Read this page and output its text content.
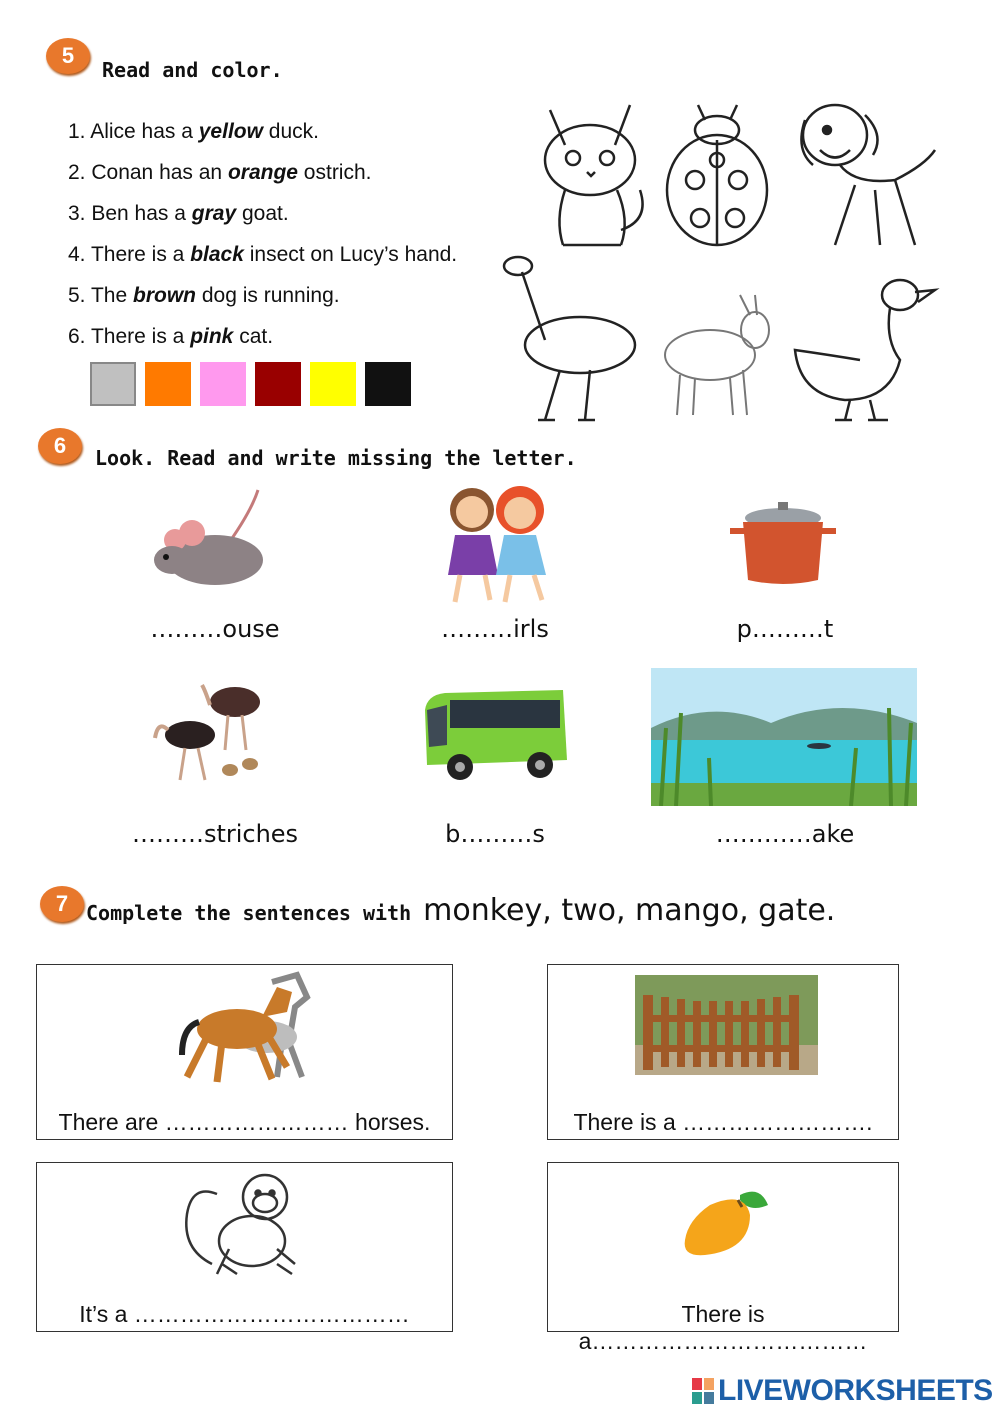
5
Read and color.
1. Alice has a yellow duck.
2. Conan has an orange ostrich.
3. Ben has a gray goat.
4. There is a black insect on Lucy’s hand.
5. The brown dog is running.
6. There is a pink cat.
6 Look. Read and write missing the letter.
………ouse	………irls	p………t
………striches	b………s	…………ake
7 Complete the sentences with monkey, two, mango, gate.
There are …………………… horses.	There is a …………………….
It’s a ………………………………	There is a………………………………
LIVEWORKSHEETS
